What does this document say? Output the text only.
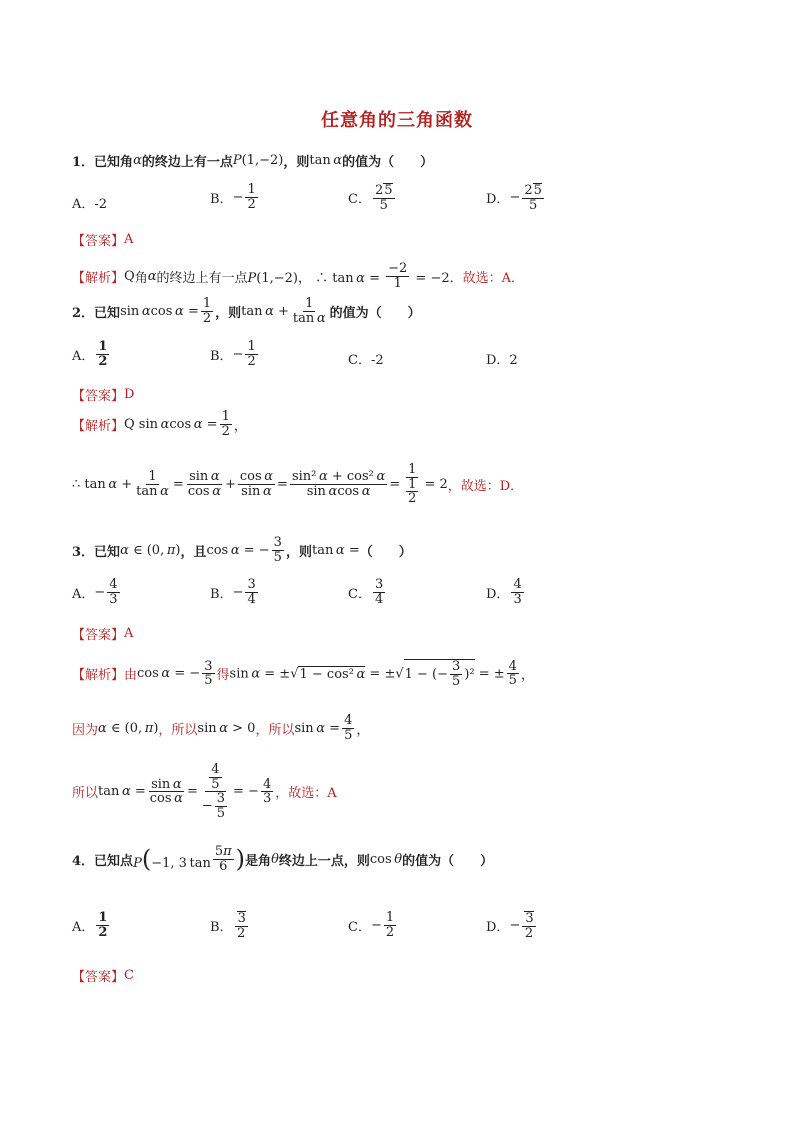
任意角的三角函数
1． 已知角 α 的终边上有一点 P(1,−2) ，则 tan α 的值为（　　）
A．-2	B． − $\frac{1}{2}$	C． $\frac{25}{5}$	D． − $\frac{25}{5}$
【答案】 A
【解析】 Q 角 α 的终边上有一点 P(1,−2)， ∴ $\tan \alpha = \frac{-2}{1} = -2$． 故选：A．
2． 已知 sin αcos $\alpha = \frac{1}{2}$ ，则 $\tan \alpha + \frac{1}{\text{tan α}}$ 的值为（　　）
A． $\frac{1}{2}$	B． − $\frac{1}{2}$	C．-2	D．2
【答案】 D
【解析】 Q sin αcos $\alpha = \frac{1}{2}$ ，
∴ $\tan \alpha + \frac{1}{\text{tan α}} = \frac{\text{sin α}}{\text{cos α}} + \frac{\text{cos α}}{\text{sin α}} = \frac{\text{sin² α + cos² α}}{\text{sin αcos α}} = \frac{1}{\frac{1}{2}} = 2$ ，故选：D．
3． 已知 α ∈ (0, π) ，且 cos α = − $\frac{3}{5}$ ，则 tan α = （　　）
A． − $\frac{4}{3}$	B． − $\frac{3}{4}$	C． $\frac{3}{4}$	D． $\frac{4}{3}$
【答案】 A
【解析】 由 cos α = − $\frac{3}{5}$ 得 sin α = ±√1 − cos² α = ±√1 − (− $\frac{3}{5} )^2$ = ± $\frac{4}{5}$ ，
因为 α ∈ (0, π) ，所以 sin α > 0 ，所以 $\sin \alpha = \frac{4}{5}$ ，
所以 $\tan \alpha = \frac{\text{sin α}}{\text{cos α}} = \frac{\frac{4}{5}}{- \frac{3}{5}}$ = − $\frac{4}{3}$ ，故选：A
4． 已知点 P(−1, 3 $\tan \frac{5\pi}{6}$ ) 是角 θ 终边上一点，则 cos θ 的值为（　　）
A． $\frac{1}{2}$	B． $\frac{3}{2}$	C． − $\frac{1}{2}$	D． − $\frac{3}{2}$
【答案】 C
